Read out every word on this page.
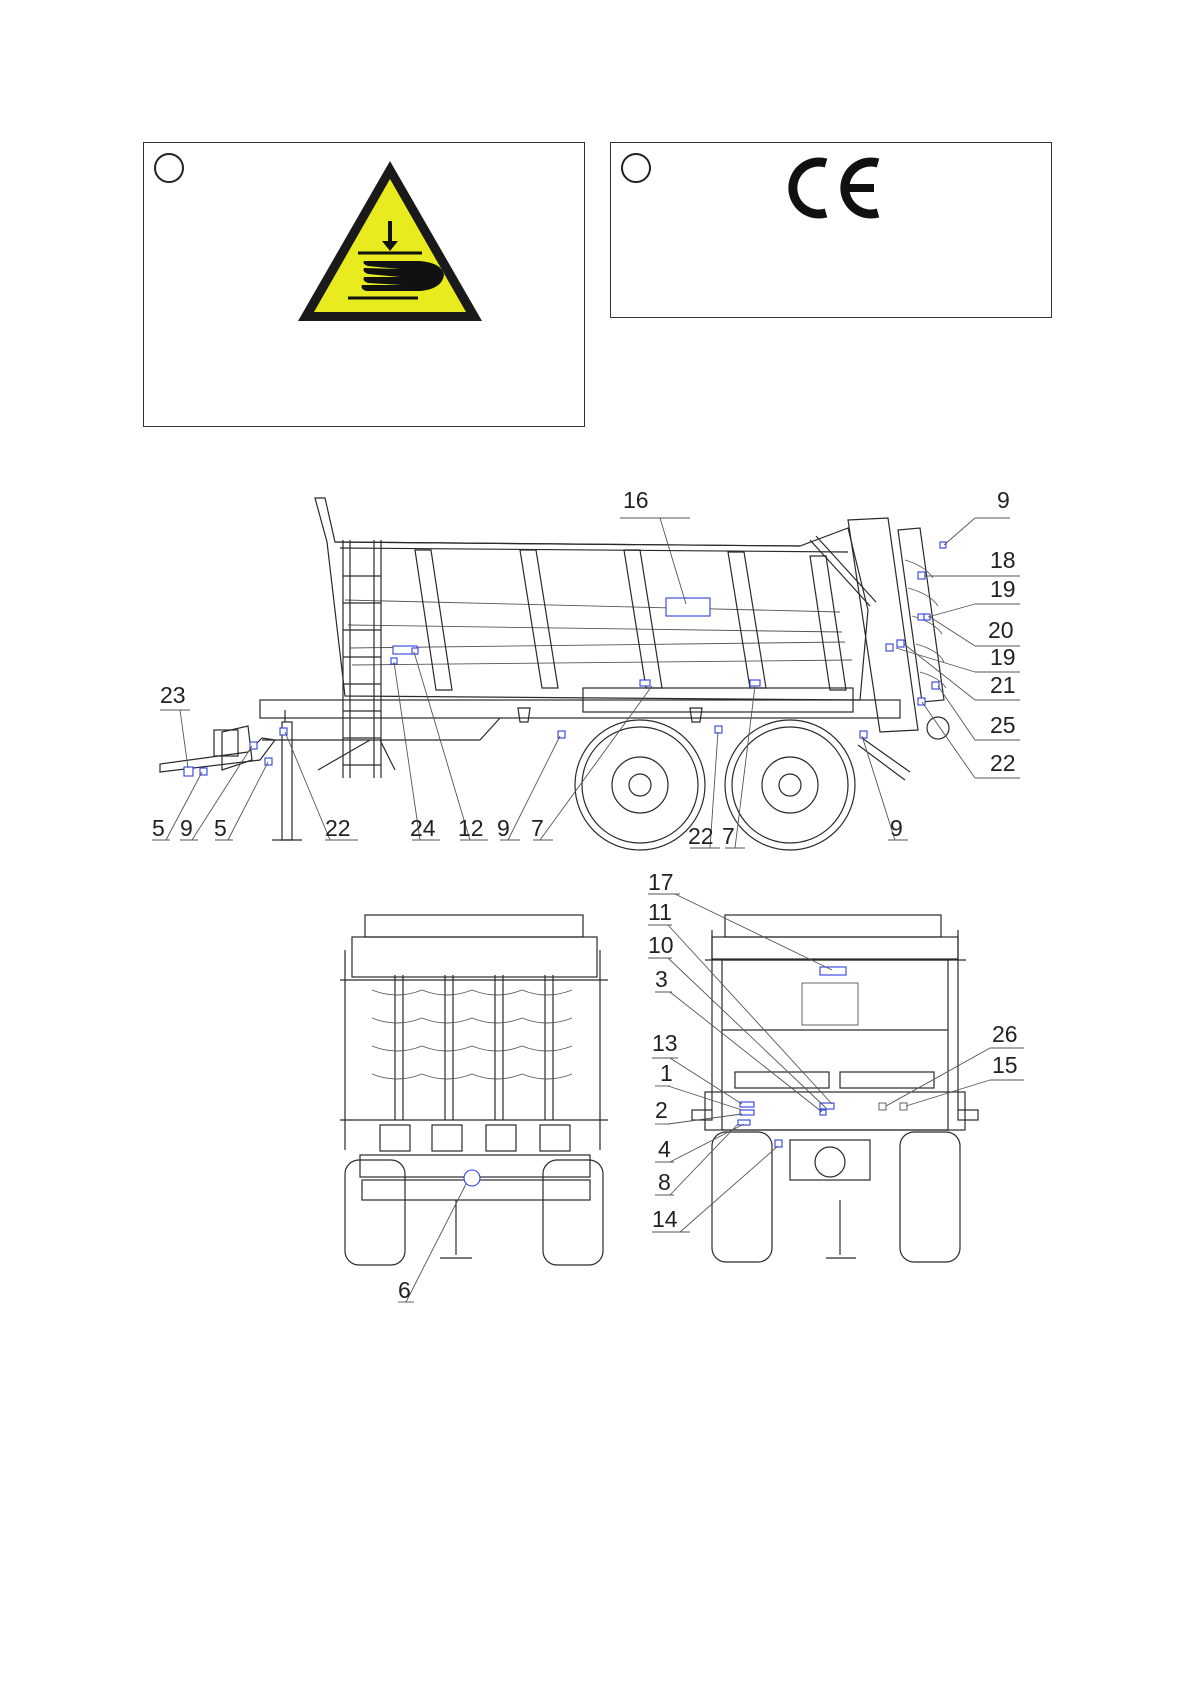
16	9
18
19
20
19
21
25
22
23
5 9 5	22	24 12 9 7	22 7	9
6
17
11
10
3
13
1
2
4
8
14
26
15
